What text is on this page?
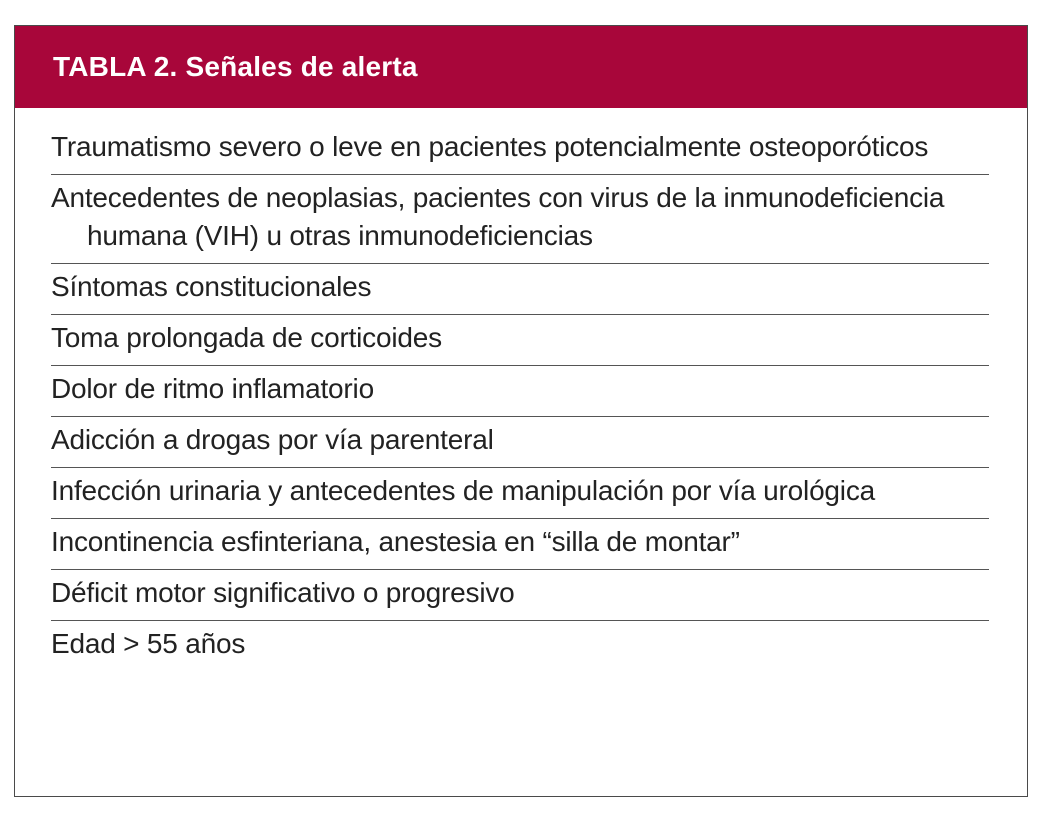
TABLA 2. Señales de alerta
Traumatismo severo o leve en pacientes potencialmente osteoporóticos
Antecedentes de neoplasias, pacientes con virus de la inmunodeficiencia humana (VIH) u otras inmunodeficiencias
Síntomas constitucionales
Toma prolongada de corticoides
Dolor de ritmo inflamatorio
Adicción a drogas por vía parenteral
Infección urinaria y antecedentes de manipulación por vía urológica
Incontinencia esfinteriana, anestesia en “silla de montar”
Déficit motor significativo o progresivo
Edad > 55 años
